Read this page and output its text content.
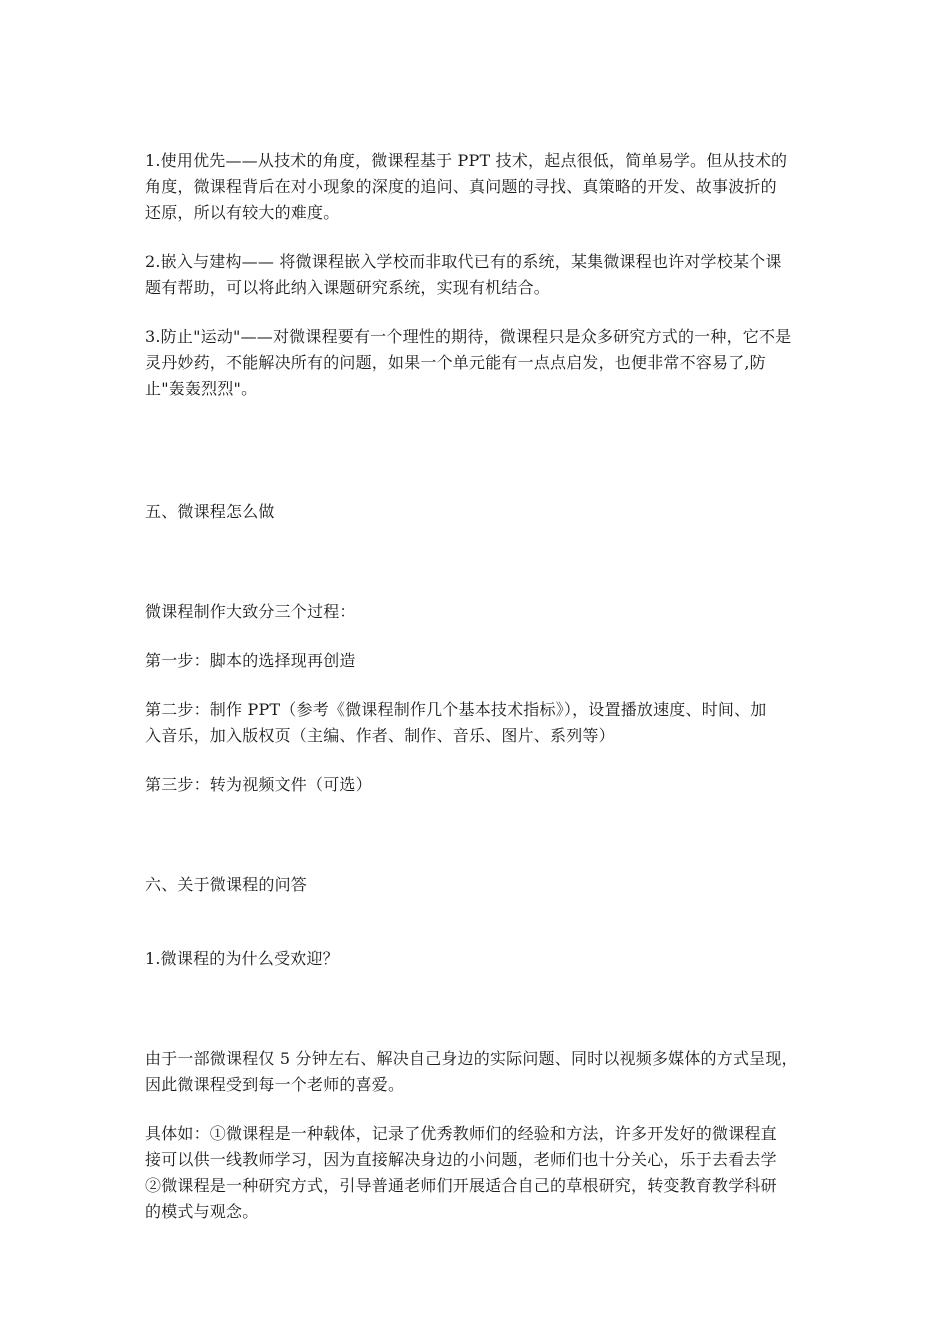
1.使用优先——从技术的角度，微课程基于 PPT 技术，起点很低，简单易学。但从技术的
角度，微课程背后在对小现象的深度的追问、真问题的寻找、真策略的开发、故事波折的
还原，所以有较大的难度。
2.嵌入与建构—— 将微课程嵌入学校而非取代已有的系统，某集微课程也许对学校某个课
题有帮助，可以将此纳入课题研究系统，实现有机结合。
3.防止"运动"——对微课程要有一个理性的期待，微课程只是众多研究方式的一种，它不是
灵丹妙药，不能解决所有的问题，如果一个单元能有一点点启发，也便非常不容易了,防
止"轰轰烈烈"。
五、微课程怎么做
微课程制作大致分三个过程：
第一步：脚本的选择现再创造
第二步：制作 PPT（参考《微课程制作几个基本技术指标》），设置播放速度、时间、加
入音乐，加入版权页（主编、作者、制作、音乐、图片、系列等）
第三步：转为视频文件（可选）
六、关于微课程的问答
1.微课程的为什么受欢迎？
由于一部微课程仅 5 分钟左右、解决自己身边的实际问题、同时以视频多媒体的方式呈现，
因此微课程受到每一个老师的喜爱。
具体如：①微课程是一种载体，记录了优秀教师们的经验和方法，许多开发好的微课程直
接可以供一线教师学习，因为直接解决身边的小问题，老师们也十分关心，乐于去看去学
②微课程是一种研究方式，引导普通老师们开展适合自己的草根研究，转变教育教学科研
的模式与观念。
